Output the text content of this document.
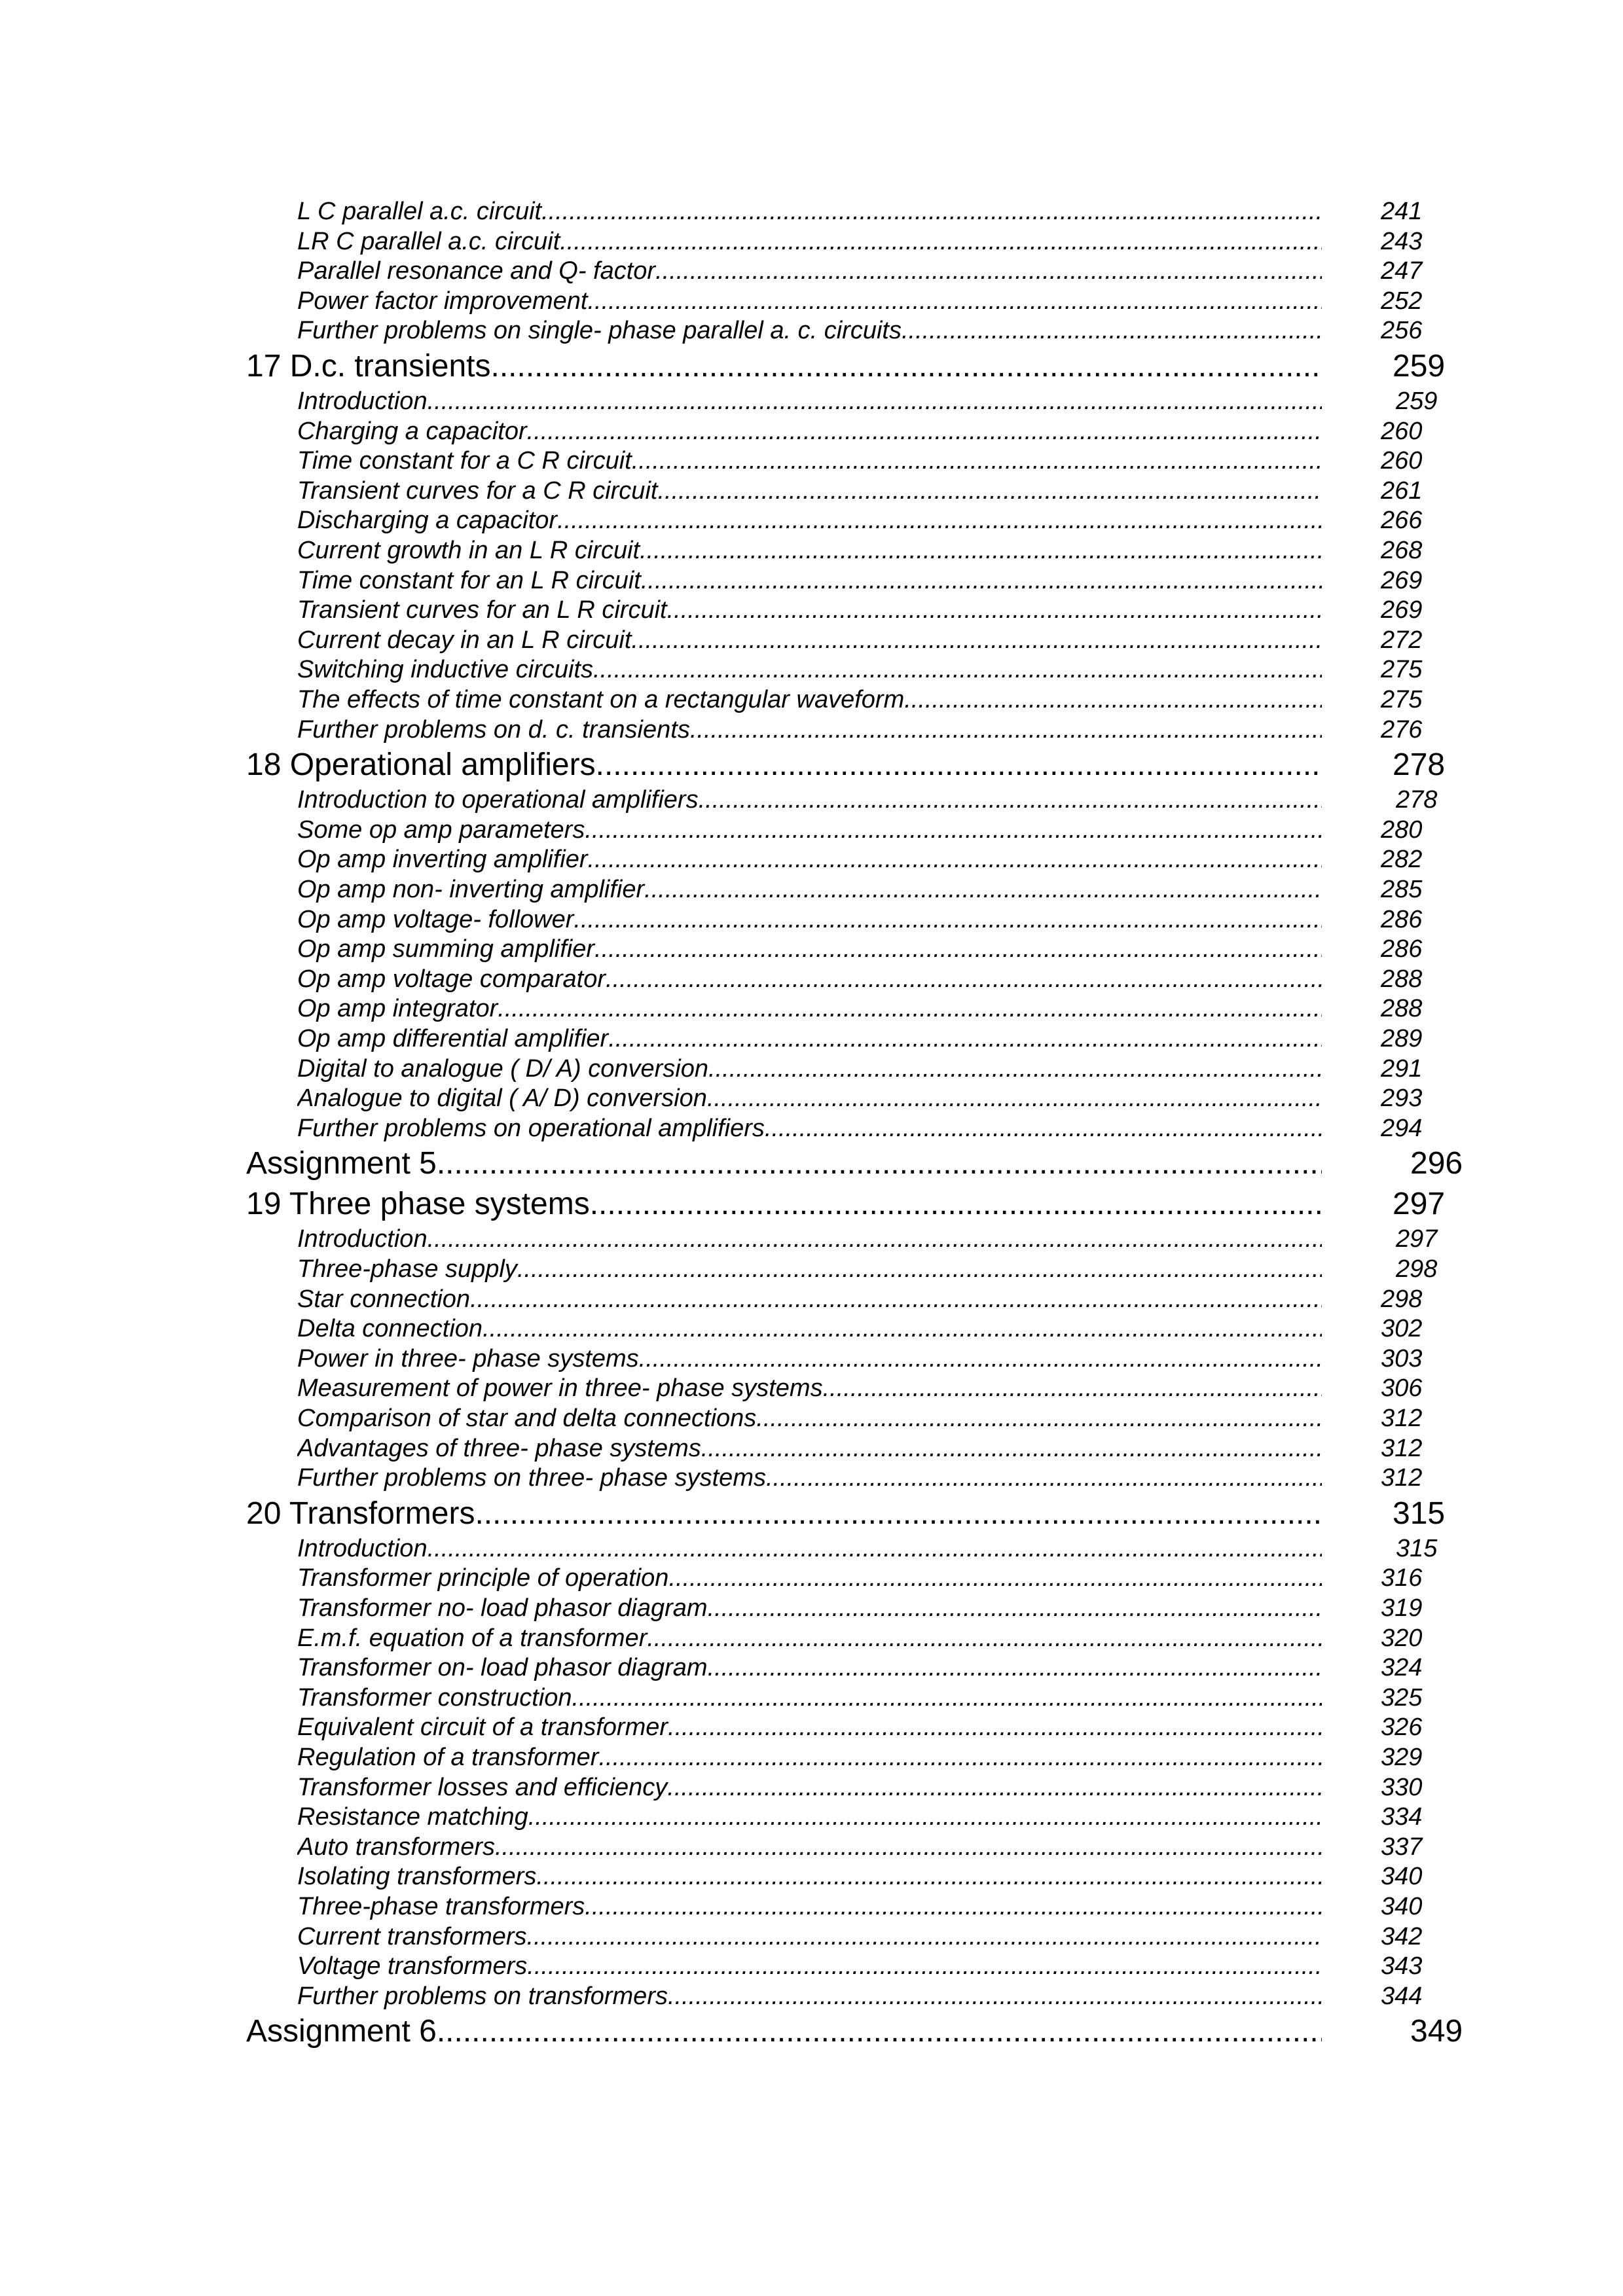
L C parallel a.c. circuit .....	241
LR C parallel a.c. circuit .....	243
Parallel resonance and Q- factor .....	247
Power factor improvement .....	252
Further problems on single- phase parallel a. c. circuits .....	256
17 D.c. transients .....	259
Introduction .....	259
Charging a capacitor .....	260
Time constant for a C R circuit .....	260
Transient curves for a C R circuit .....	261
Discharging a capacitor .....	266
Current growth in an L R circuit .....	268
Time constant for an L R circuit .....	269
Transient curves for an L R circuit .....	269
Current decay in an L R circuit .....	272
Switching inductive circuits .....	275
The effects of time constant on a rectangular waveform .....	275
Further problems on d. c. transients .....	276
18 Operational amplifiers .....	278
Introduction to operational amplifiers .....	278
Some op amp parameters .....	280
Op amp inverting amplifier .....	282
Op amp non- inverting amplifier .....	285
Op amp voltage- follower .....	286
Op amp summing amplifier .....	286
Op amp voltage comparator .....	288
Op amp integrator .....	288
Op amp differential amplifier .....	289
Digital to analogue ( D/ A) conversion .....	291
Analogue to digital ( A/ D) conversion .....	293
Further problems on operational amplifiers .....	294
Assignment 5 .....	296
19 Three phase systems .....	297
Introduction .....	297
Three-phase supply .....	298
Star connection .....	298
Delta connection .....	302
Power in three- phase systems .....	303
Measurement of power in three- phase systems .....	306
Comparison of star and delta connections .....	312
Advantages of three- phase systems .....	312
Further problems on three- phase systems .....	312
20 Transformers .....	315
Introduction .....	315
Transformer principle of operation .....	316
Transformer no- load phasor diagram .....	319
E.m.f. equation of a transformer .....	320
Transformer on- load phasor diagram .....	324
Transformer construction .....	325
Equivalent circuit of a transformer .....	326
Regulation of a transformer .....	329
Transformer losses and efficiency .....	330
Resistance matching .....	334
Auto transformers .....	337
Isolating transformers .....	340
Three-phase transformers .....	340
Current transformers .....	342
Voltage transformers .....	343
Further problems on transformers .....	344
Assignment 6 .....	349
